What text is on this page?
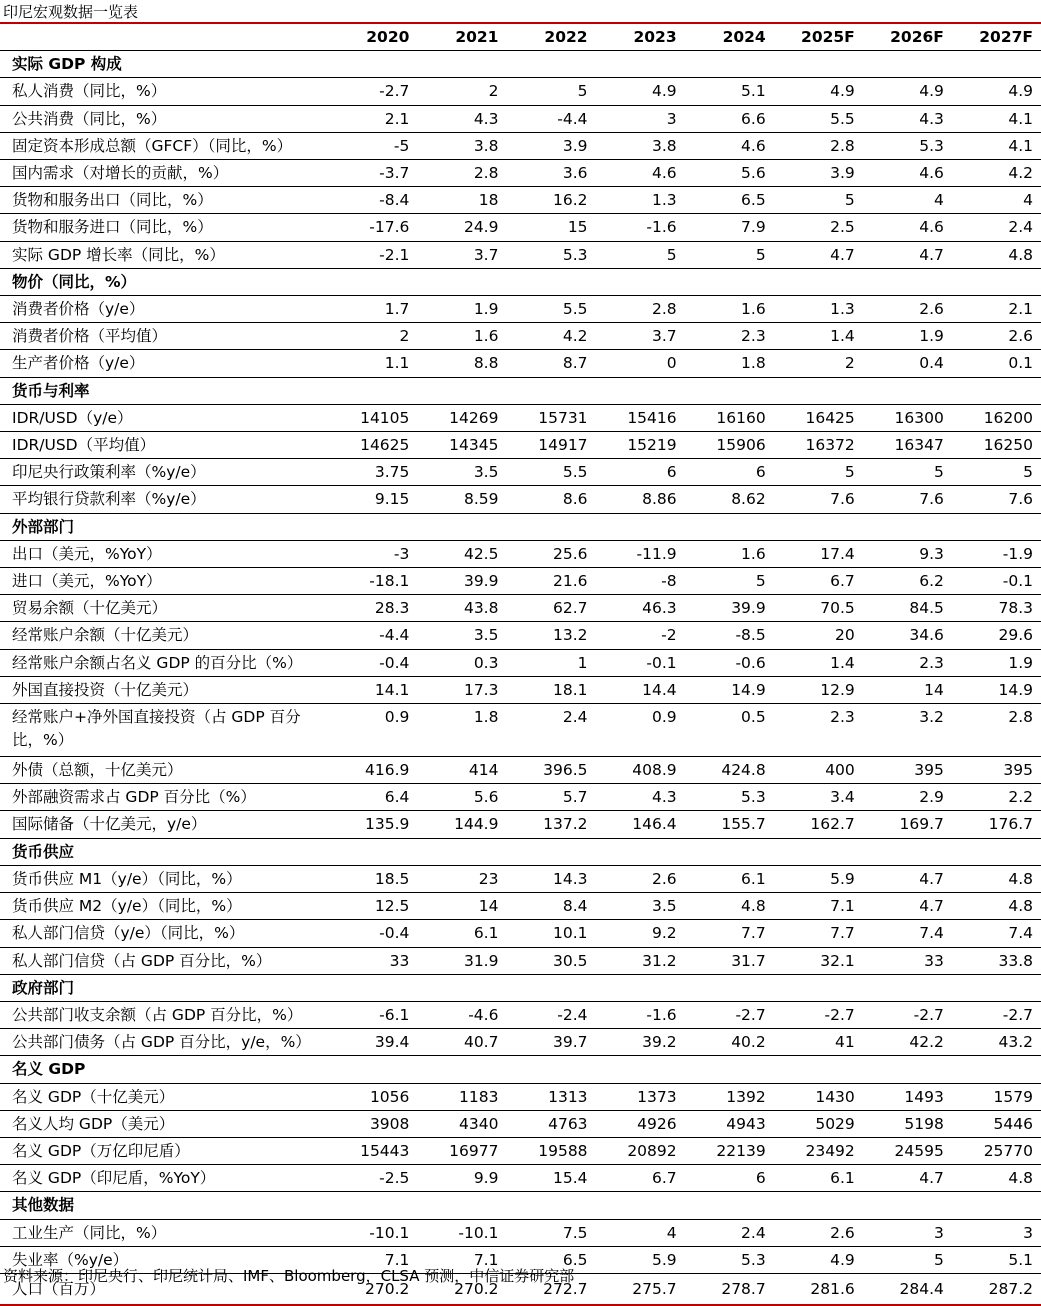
印尼宏观数据一览表
	2020	2021	2022	2023	2024	2025F	2026F	2027F
实际 GDP 构成								
私人消费（同比，%）	-2.7	2	5	4.9	5.1	4.9	4.9	4.9
公共消费（同比，%）	2.1	4.3	-4.4	3	6.6	5.5	4.3	4.1
固定资本形成总额（GFCF）（同比，%）	-5	3.8	3.9	3.8	4.6	2.8	5.3	4.1
国内需求（对增长的贡献，%）	-3.7	2.8	3.6	4.6	5.6	3.9	4.6	4.2
货物和服务出口（同比，%）	-8.4	18	16.2	1.3	6.5	5	4	4
货物和服务进口（同比，%）	-17.6	24.9	15	-1.6	7.9	2.5	4.6	2.4
实际 GDP 增长率（同比，%）	-2.1	3.7	5.3	5	5	4.7	4.7	4.8
物价（同比，%）								
消费者价格（y/e）	1.7	1.9	5.5	2.8	1.6	1.3	2.6	2.1
消费者价格（平均值）	2	1.6	4.2	3.7	2.3	1.4	1.9	2.6
生产者价格（y/e）	1.1	8.8	8.7	0	1.8	2	0.4	0.1
货币与利率								
IDR/USD（y/e）	14105	14269	15731	15416	16160	16425	16300	16200
IDR/USD（平均值）	14625	14345	14917	15219	15906	16372	16347	16250
印尼央行政策利率（%y/e）	3.75	3.5	5.5	6	6	5	5	5
平均银行贷款利率（%y/e）	9.15	8.59	8.6	8.86	8.62	7.6	7.6	7.6
外部部门								
出口（美元，%YoY）	-3	42.5	25.6	-11.9	1.6	17.4	9.3	-1.9
进口（美元，%YoY）	-18.1	39.9	21.6	-8	5	6.7	6.2	-0.1
贸易余额（十亿美元）	28.3	43.8	62.7	46.3	39.9	70.5	84.5	78.3
经常账户余额（十亿美元）	-4.4	3.5	13.2	-2	-8.5	20	34.6	29.6
经常账户余额占名义 GDP 的百分比（%）	-0.4	0.3	1	-0.1	-0.6	1.4	2.3	1.9
外国直接投资（十亿美元）	14.1	17.3	18.1	14.4	14.9	12.9	14	14.9
经常账户+净外国直接投资（占 GDP 百分比，%）	0.9	1.8	2.4	0.9	0.5	2.3	3.2	2.8
外债（总额，十亿美元）	416.9	414	396.5	408.9	424.8	400	395	395
外部融资需求占 GDP 百分比（%）	6.4	5.6	5.7	4.3	5.3	3.4	2.9	2.2
国际储备（十亿美元，y/e）	135.9	144.9	137.2	146.4	155.7	162.7	169.7	176.7
货币供应								
货币供应 M1（y/e）（同比，%）	18.5	23	14.3	2.6	6.1	5.9	4.7	4.8
货币供应 M2（y/e）（同比，%）	12.5	14	8.4	3.5	4.8	7.1	4.7	4.8
私人部门信贷（y/e）（同比，%）	-0.4	6.1	10.1	9.2	7.7	7.7	7.4	7.4
私人部门信贷（占 GDP 百分比，%）	33	31.9	30.5	31.2	31.7	32.1	33	33.8
政府部门								
公共部门收支余额（占 GDP 百分比，%）	-6.1	-4.6	-2.4	-1.6	-2.7	-2.7	-2.7	-2.7
公共部门债务（占 GDP 百分比，y/e，%）	39.4	40.7	39.7	39.2	40.2	41	42.2	43.2
名义 GDP								
名义 GDP（十亿美元）	1056	1183	1313	1373	1392	1430	1493	1579
名义人均 GDP（美元）	3908	4340	4763	4926	4943	5029	5198	5446
名义 GDP（万亿印尼盾）	15443	16977	19588	20892	22139	23492	24595	25770
名义 GDP（印尼盾，%YoY）	-2.5	9.9	15.4	6.7	6	6.1	4.7	4.8
其他数据								
工业生产（同比，%）	-10.1	-10.1	7.5	4	2.4	2.6	3	3
失业率（%y/e）	7.1	7.1	6.5	5.9	5.3	4.9	5	5.1
人口（百万）	270.2	270.2	272.7	275.7	278.7	281.6	284.4	287.2
资料来源：印尼央行、印尼统计局、IMF、Bloomberg，CLSA 预测，中信证券研究部
